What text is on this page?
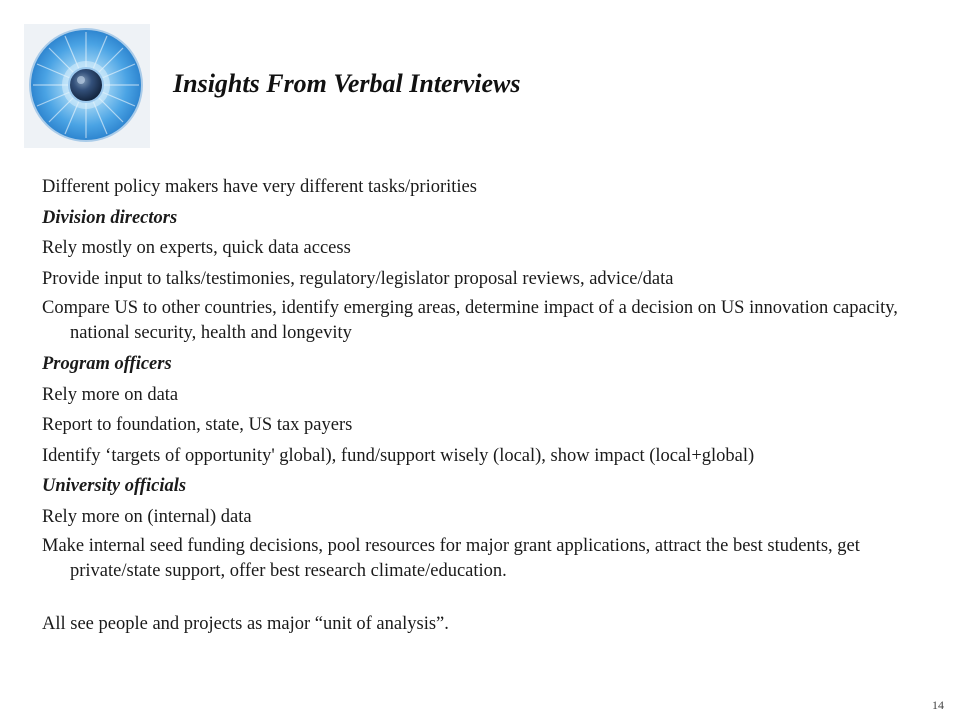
Insights From Verbal Interviews
Different policy makers have very different tasks/priorities
Division directors
Rely mostly on experts, quick data access
Provide input to talks/testimonies, regulatory/legislator proposal reviews, advice/data
Compare US to other countries, identify emerging areas, determine impact of a decision on US innovation capacity, national security, health and longevity
Program officers
Rely more on data
Report to foundation, state, US tax payers
Identify ‘targets of opportunity' global), fund/support wisely (local), show impact (local+global)
University officials
Rely more on (internal) data
Make internal seed funding decisions, pool resources for major grant applications, attract the best students, get private/state support, offer best research climate/education.
All see people and projects as major “unit of analysis”.
14
